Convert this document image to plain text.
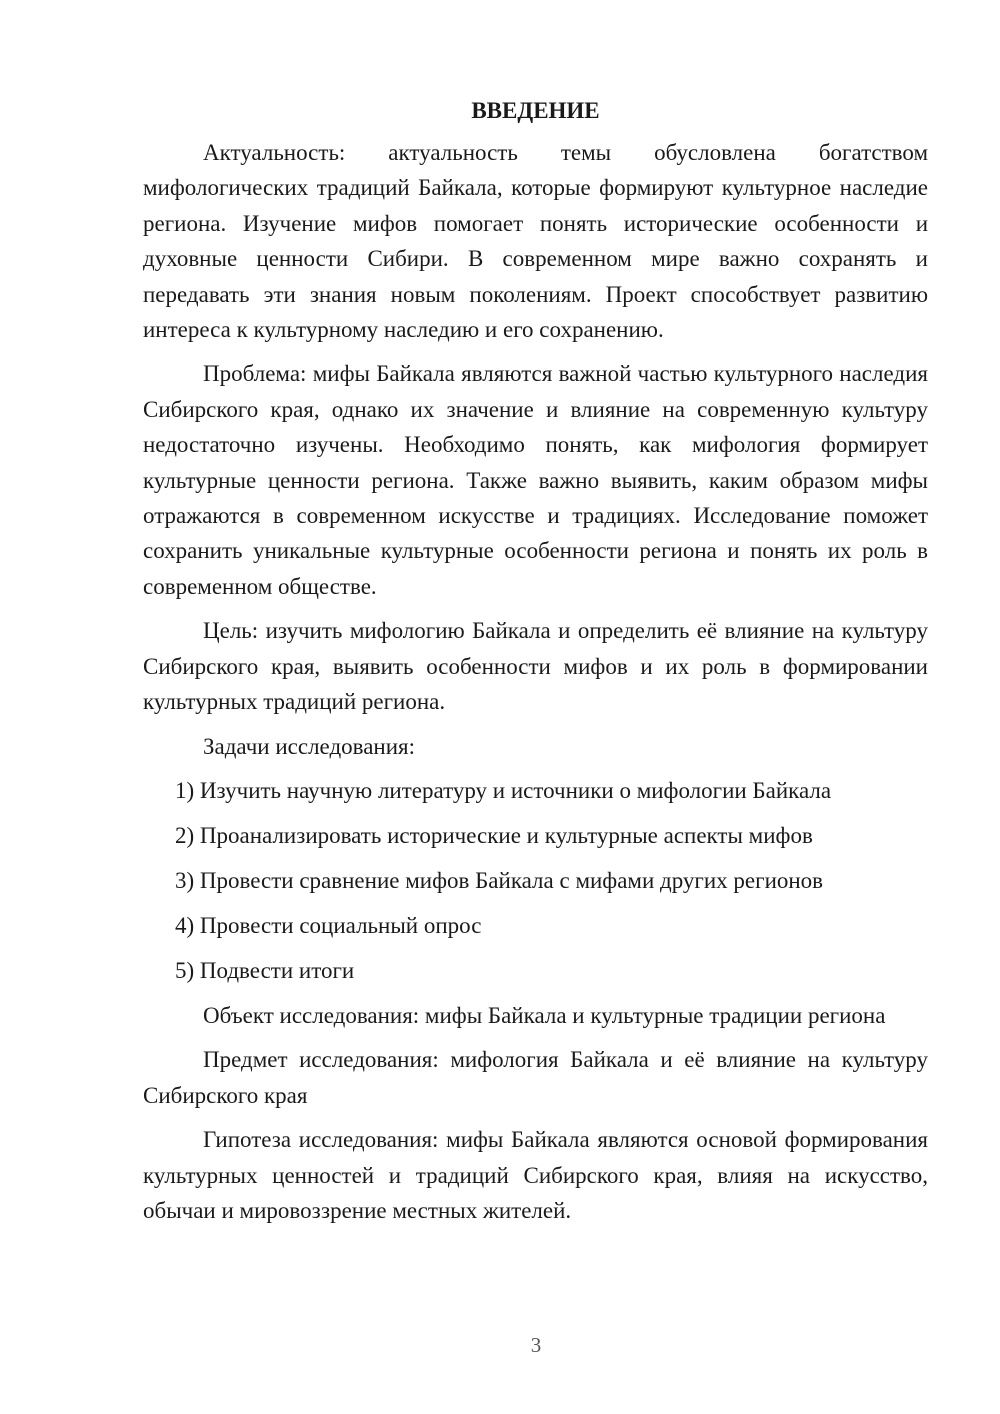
ВВЕДЕНИЕ

Актуальность: актуальность темы обусловлена богатством мифологических традиций Байкала, которые формируют культурное наследие региона. Изучение мифов помогает понять исторические особенности и духовные ценности Сибири. В современном мире важно сохранять и передавать эти знания новым поколениям. Проект способствует развитию интереса к культурному наследию и его сохранению.

Проблема: мифы Байкала являются важной частью культурного наследия Сибирского края, однако их значение и влияние на современную культуру недостаточно изучены. Необходимо понять, как мифология формирует культурные ценности региона. Также важно выявить, каким образом мифы отражаются в современном искусстве и традициях. Исследование поможет сохранить уникальные культурные особенности региона и понять их роль в современном обществе.

Цель: изучить мифологию Байкала и определить её влияние на культуру Сибирского края, выявить особенности мифов и их роль в формировании культурных традиций региона.

Задачи исследования:

1) Изучить научную литературу и источники о мифологии Байкала
2) Проанализировать исторические и культурные аспекты мифов
3) Провести сравнение мифов Байкала с мифами других регионов
4) Провести социальный опрос
5) Подвести итоги

Объект исследования: мифы Байкала и культурные традиции региона

Предмет исследования: мифология Байкала и её влияние на культуру Сибирского края

Гипотеза исследования: мифы Байкала являются основой формирования культурных ценностей и традиций Сибирского края, влияя на искусство, обычаи и мировоззрение местных жителей.

3
